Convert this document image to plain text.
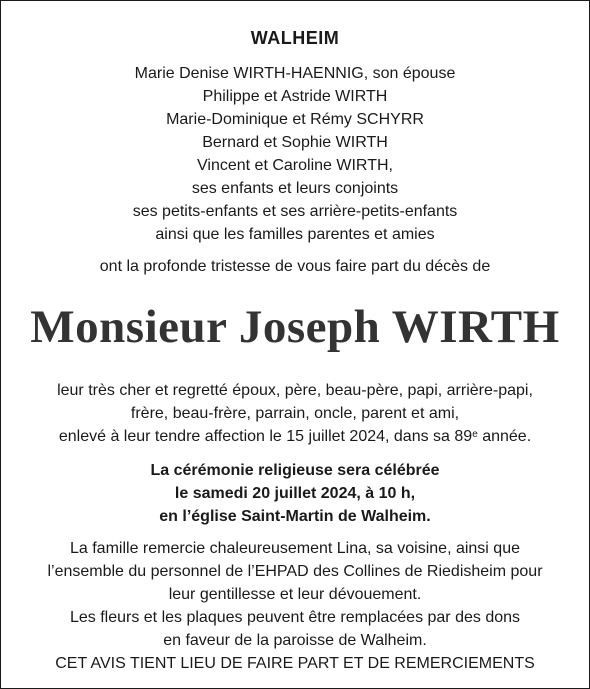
WALHEIM
Marie Denise WIRTH-HAENNIG, son épouse
Philippe et Astride WIRTH
Marie-Dominique et Rémy SCHYRR
Bernard et Sophie WIRTH
Vincent et Caroline WIRTH,
ses enfants et leurs conjoints
ses petits-enfants et ses arrière-petits-enfants
ainsi que les familles parentes et amies
ont la profonde tristesse de vous faire part du décès de
Monsieur Joseph WIRTH
leur très cher et regretté époux, père, beau-père, papi, arrière-papi,
frère, beau-frère, parrain, oncle, parent et ami,
enlevé à leur tendre affection le 15 juillet 2024, dans sa 89e année.
La cérémonie religieuse sera célébrée
le samedi 20 juillet 2024, à 10 h,
en l’église Saint-Martin de Walheim.
La famille remercie chaleureusement Lina, sa voisine, ainsi que
l’ensemble du personnel de l’EHPAD des Collines de Riedisheim pour
leur gentillesse et leur dévouement.
Les fleurs et les plaques peuvent être remplacées par des dons
en faveur de la paroisse de Walheim.
CET AVIS TIENT LIEU DE FAIRE PART ET DE REMERCIEMENTS
